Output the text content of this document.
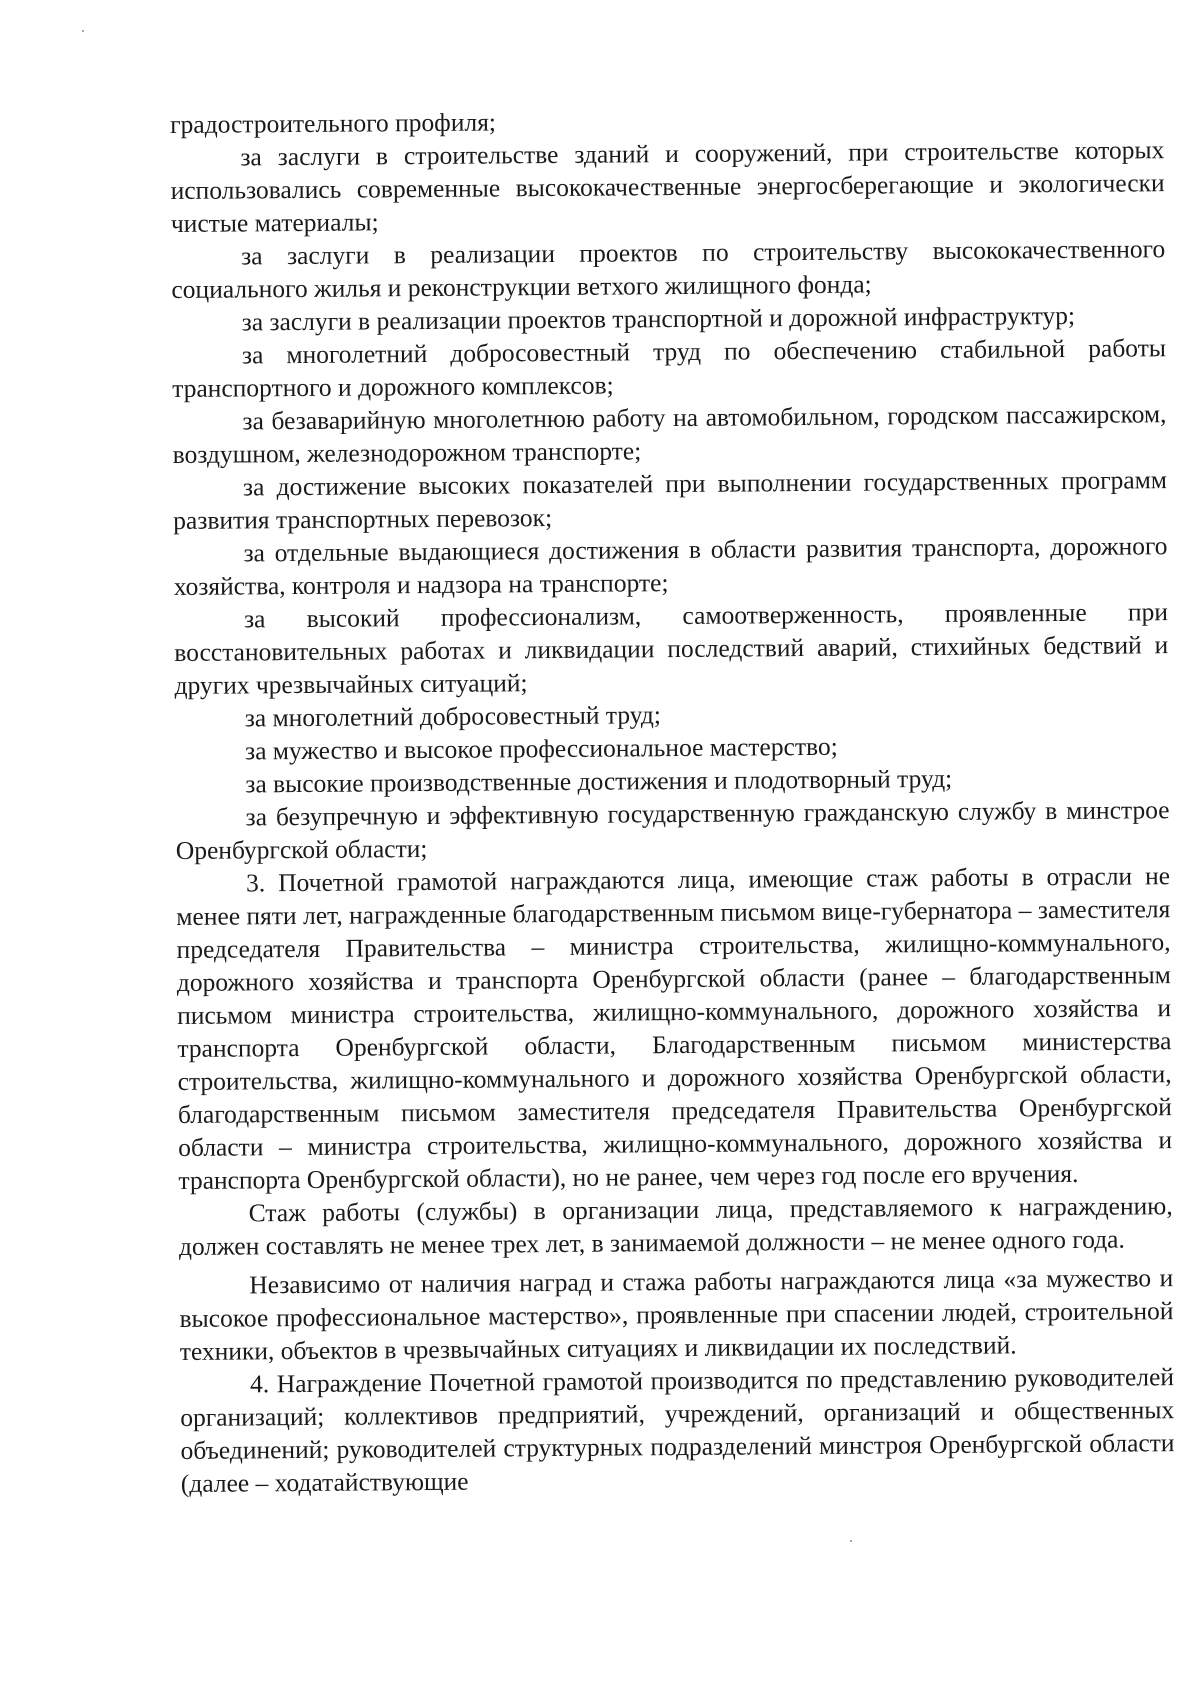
градостроительного профиля;

за заслуги в строительстве зданий и сооружений, при строительстве которых использовались современные высококачественные энергосберегающие и экологически чистые материалы;

за заслуги в реализации проектов по строительству высококачественного социального жилья и реконструкции ветхого жилищного фонда;

за заслуги в реализации проектов транспортной и дорожной инфраструктур;

за многолетний добросовестный труд по обеспечению стабильной работы транспортного и дорожного комплексов;

за безаварийную многолетнюю работу на автомобильном, городском пассажирском, воздушном, железнодорожном транспорте;

за достижение высоких показателей при выполнении государственных программ развития транспортных перевозок;

за отдельные выдающиеся достижения в области развития транспорта, дорожного хозяйства, контроля и надзора на транспорте;

за высокий профессионализм, самоотверженность, проявленные при восстановительных работах и ликвидации последствий аварий, стихийных бедствий и других чрезвычайных ситуаций;

за многолетний добросовестный труд;

за мужество и высокое профессиональное мастерство;

за высокие производственные достижения и плодотворный труд;

за безупречную и эффективную государственную гражданскую службу в минстрое Оренбургской области;

3. Почетной грамотой награждаются лица, имеющие стаж работы в отрасли не менее пяти лет, награжденные благодарственным письмом вице-губернатора – заместителя председателя Правительства – министра строительства, жилищно-коммунального, дорожного хозяйства и транспорта Оренбургской области (ранее – благодарственным письмом министра строительства, жилищно-коммунального, дорожного хозяйства и транспорта Оренбургской области, Благодарственным письмом министерства строительства, жилищно-коммунального и дорожного хозяйства Оренбургской области, благодарственным письмом заместителя председателя Правительства Оренбургской области – министра строительства, жилищно-коммунального, дорожного хозяйства и транспорта Оренбургской области), но не ранее, чем через год после его вручения.

Стаж работы (службы) в организации лица, представляемого к награждению, должен составлять не менее трех лет, в занимаемой должности – не менее одного года.

Независимо от наличия наград и стажа работы награждаются лица «за мужество и высокое профессиональное мастерство», проявленные при спасении людей, строительной техники, объектов в чрезвычайных ситуациях и ликвидации их последствий.

4. Награждение Почетной грамотой производится по представлению руководителей организаций; коллективов предприятий, учреждений, организаций и общественных объединений; руководителей структурных подразделений минстроя Оренбургской области (далее – ходатайствующие
